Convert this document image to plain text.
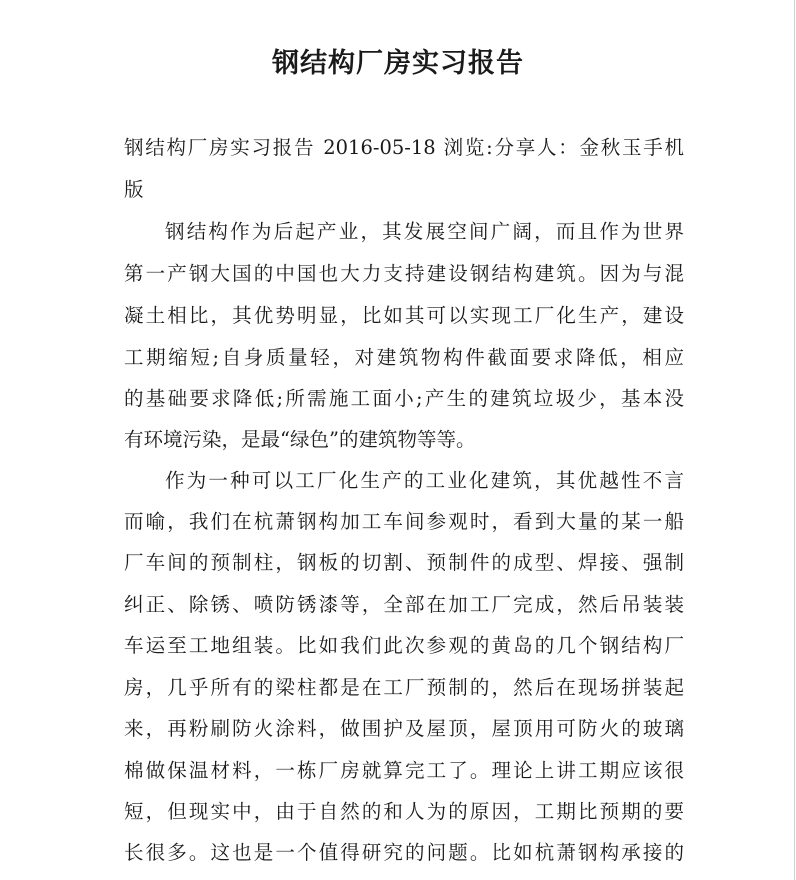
钢结构厂房实习报告

钢结构厂房实习报告 2016-05-18 浏览:分享人：金秋玉手机

版

钢结构作为后起产业，其发展空间广阔，而且作为世界

第一产钢大国的中国也大力支持建设钢结构建筑。因为与混

凝土相比，其优势明显，比如其可以实现工厂化生产，建设

工期缩短;自身质量轻，对建筑物构件截面要求降低，相应

的基础要求降低;所需施工面小;产生的建筑垃圾少，基本没

有环境污染，是最“绿色”的建筑物等等。

作为一种可以工厂化生产的工业化建筑，其优越性不言

而喻，我们在杭萧钢构加工车间参观时，看到大量的某一船

厂车间的预制柱，钢板的切割、预制件的成型、焊接、强制

纠正、除锈、喷防锈漆等，全部在加工厂完成，然后吊装装

车运至工地组装。比如我们此次参观的黄岛的几个钢结构厂

房，几乎所有的梁柱都是在工厂预制的，然后在现场拼装起

来，再粉刷防火涂料，做围护及屋顶，屋顶用可防火的玻璃

棉做保温材料，一栋厂房就算完工了。理论上讲工期应该很

短，但现实中，由于自然的和人为的原因，工期比预期的要

长很多。这也是一个值得研究的问题。比如杭萧钢构承接的
